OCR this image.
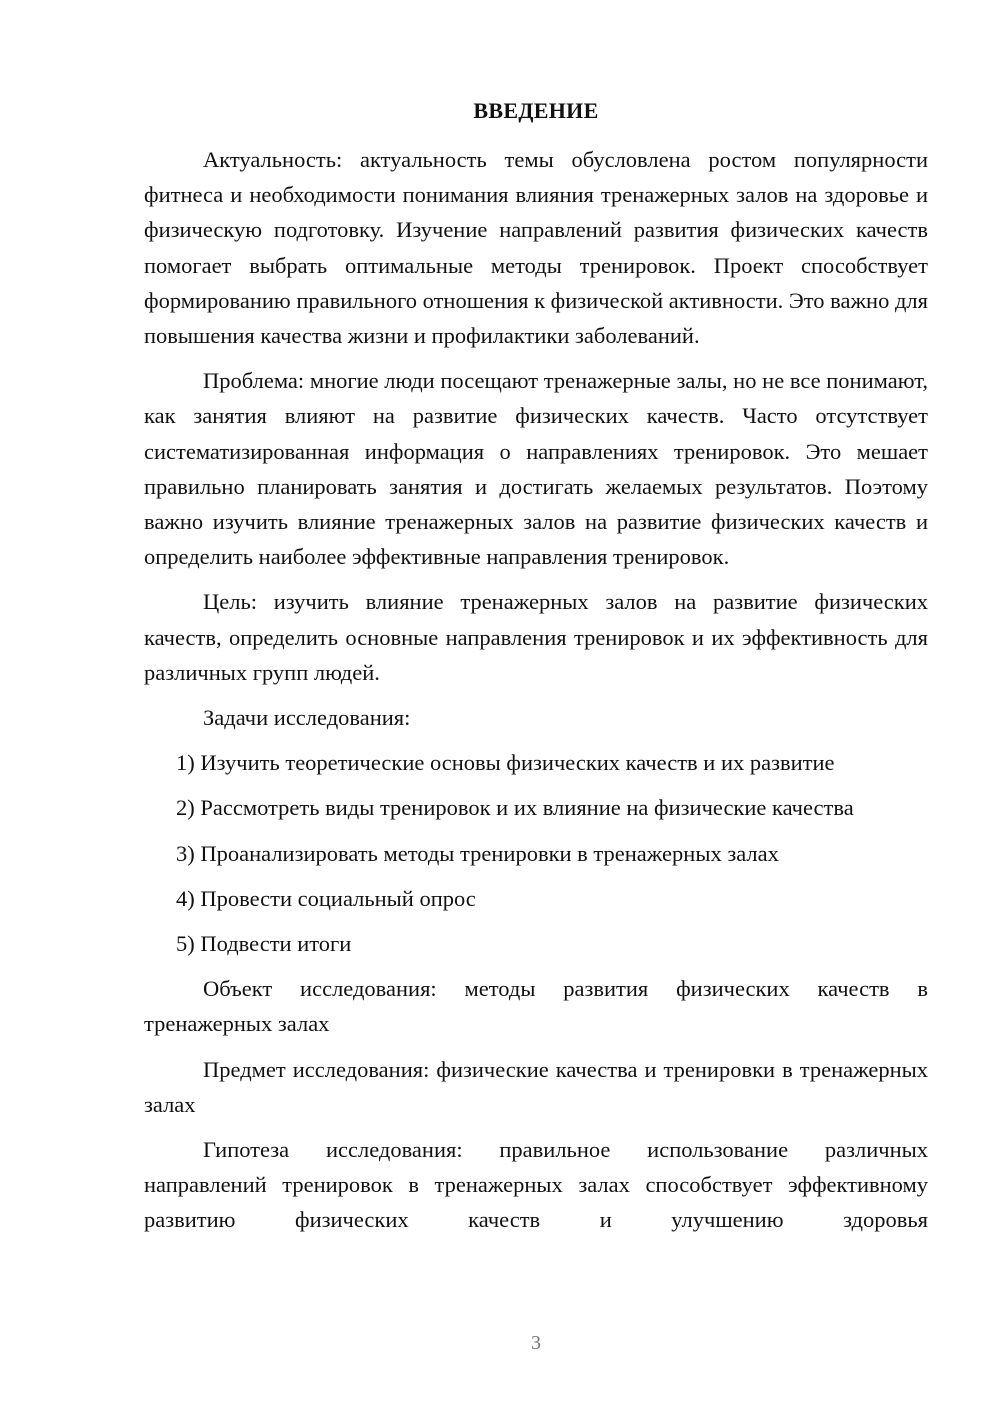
ВВЕДЕНИЕ

Актуальность: актуальность темы обусловлена ростом популярности фитнеса и необходимости понимания влияния тренажерных залов на здоровье и физическую подготовку. Изучение направлений развития физических качеств помогает выбрать оптимальные методы тренировок. Проект способствует формированию правильного отношения к физической активности. Это важно для повышения качества жизни и профилактики заболеваний.

Проблема: многие люди посещают тренажерные залы, но не все понимают, как занятия влияют на развитие физических качеств. Часто отсутствует систематизированная информация о направлениях тренировок. Это мешает правильно планировать занятия и достигать желаемых результатов. Поэтому важно изучить влияние тренажерных залов на развитие физических качеств и определить наиболее эффективные направления тренировок.

Цель: изучить влияние тренажерных залов на развитие физических качеств, определить основные направления тренировок и их эффективность для различных групп людей.

Задачи исследования:

1) Изучить теоретические основы физических качеств и их развитие
2) Рассмотреть виды тренировок и их влияние на физические качества
3) Проанализировать методы тренировки в тренажерных залах
4) Провести социальный опрос
5) Подвести итоги

Объект исследования: методы развития физических качеств в тренажерных залах

Предмет исследования: физические качества и тренировки в тренажерных залах

Гипотеза исследования: правильное использование различных направлений тренировок в тренажерных залах способствует эффективному развитию физических качеств и улучшению здоровья

3
